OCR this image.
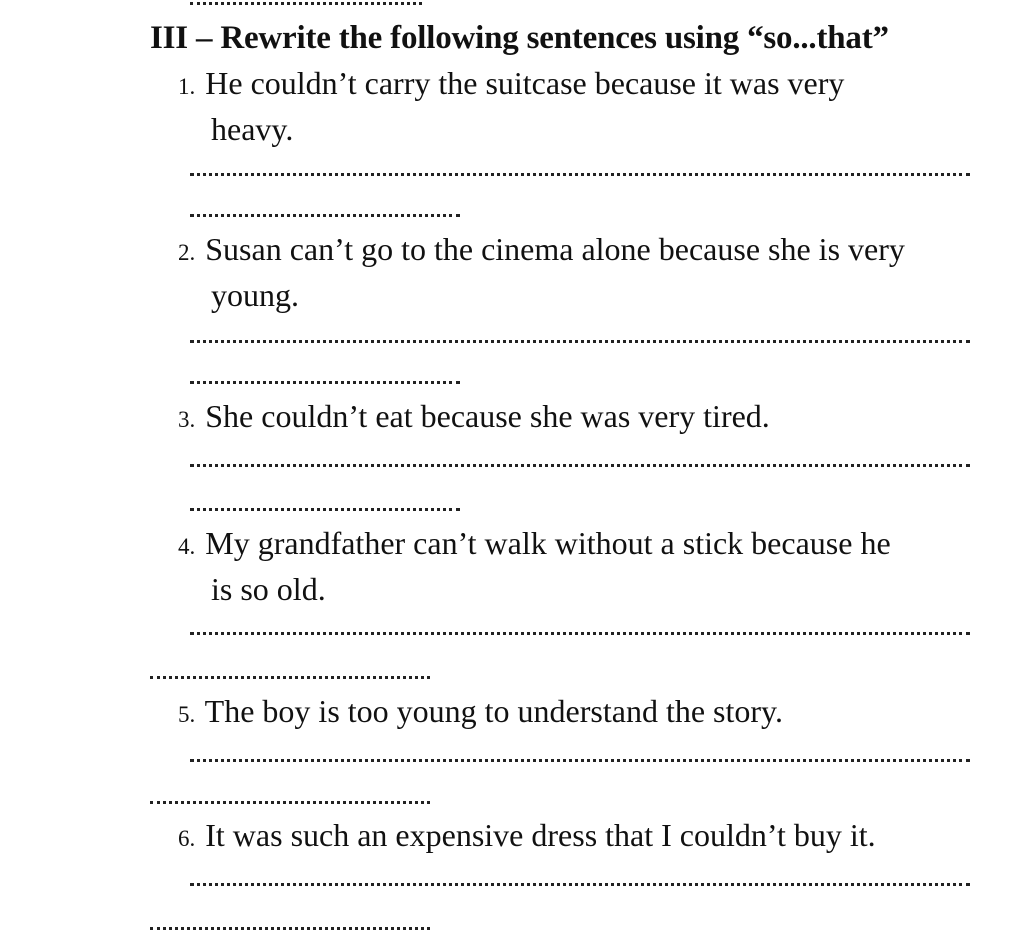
III – Rewrite the following sentences using “so...that”
1. He couldn’t carry the suitcase because it was very
heavy.
2. Susan can’t go to the cinema alone because she is very
young.
3. She couldn’t eat because she was very tired.
4. My grandfather can’t walk without a stick because he
is so old.
5. The boy is too young to understand the story.
6. It was such an expensive dress that I couldn’t buy it.
